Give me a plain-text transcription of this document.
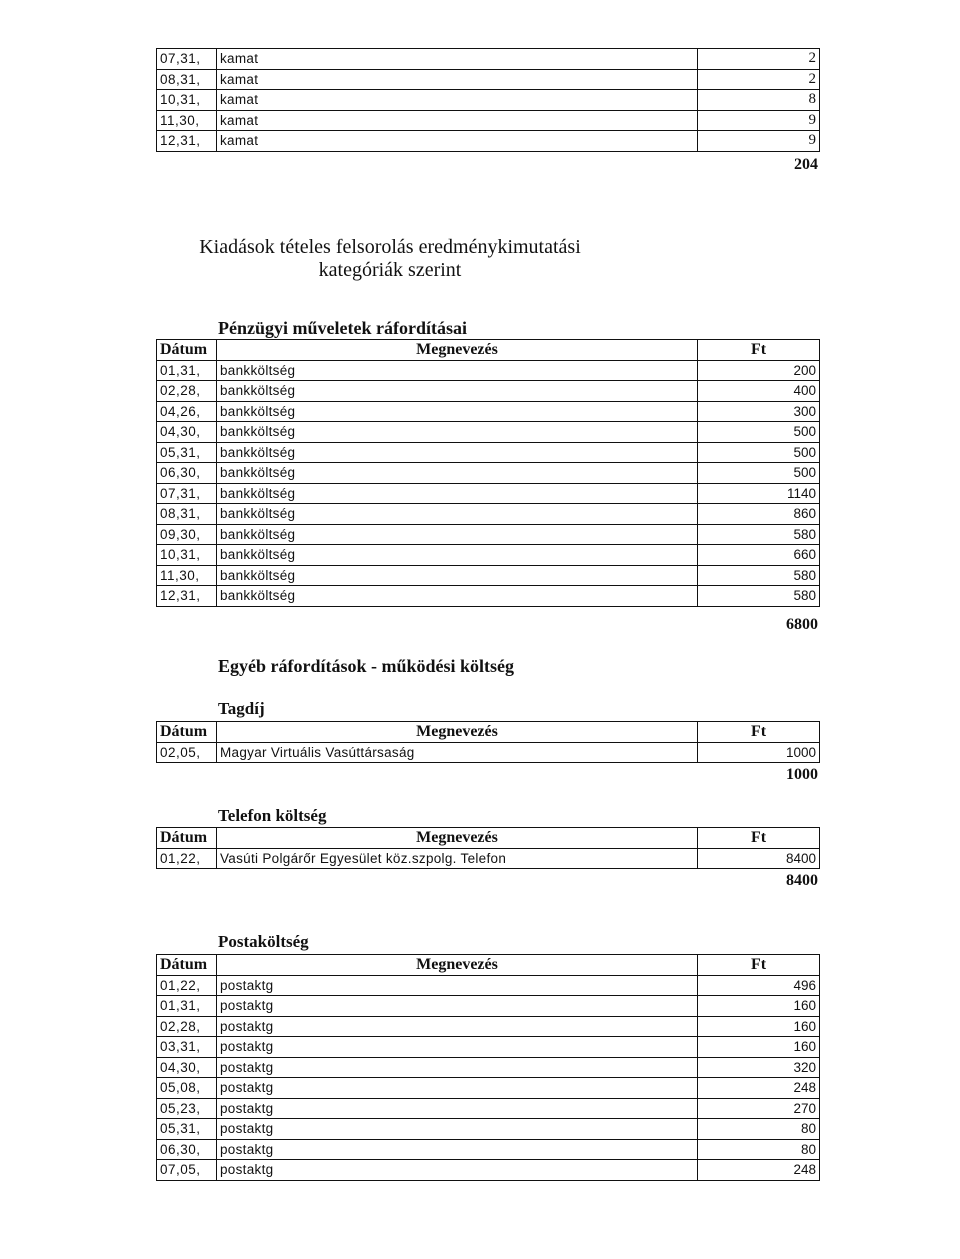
07,31,	kamat	2
08,31,	kamat	2
10,31,	kamat	8
11,30,	kamat	9
12,31,	kamat	9
204
Kiadások tételes felsorolás eredménykimutatási
kategóriák szerint
Pénzügyi műveletek ráfordításai
Dátum	Megnevezés	Ft
01,31,	bankköltség	200
02,28,	bankköltség	400
04,26,	bankköltség	300
04,30,	bankköltség	500
05,31,	bankköltség	500
06,30,	bankköltség	500
07,31,	bankköltség	1140
08,31,	bankköltség	860
09,30,	bankköltség	580
10,31,	bankköltség	660
11,30,	bankköltség	580
12,31,	bankköltség	580
6800
Egyéb ráfordítások - működési költség
Tagdíj
Dátum	Megnevezés	Ft
02,05,	Magyar Virtuális Vasúttársaság	1000
1000
Telefon költség
Dátum	Megnevezés	Ft
01,22,	Vasúti Polgárőr Egyesület köz.szpolg. Telefon	8400
8400
Postaköltség
Dátum	Megnevezés	Ft
01,22,	postaktg	496
01,31,	postaktg	160
02,28,	postaktg	160
03,31,	postaktg	160
04,30,	postaktg	320
05,08,	postaktg	248
05,23,	postaktg	270
05,31,	postaktg	80
06,30,	postaktg	80
07,05,	postaktg	248
